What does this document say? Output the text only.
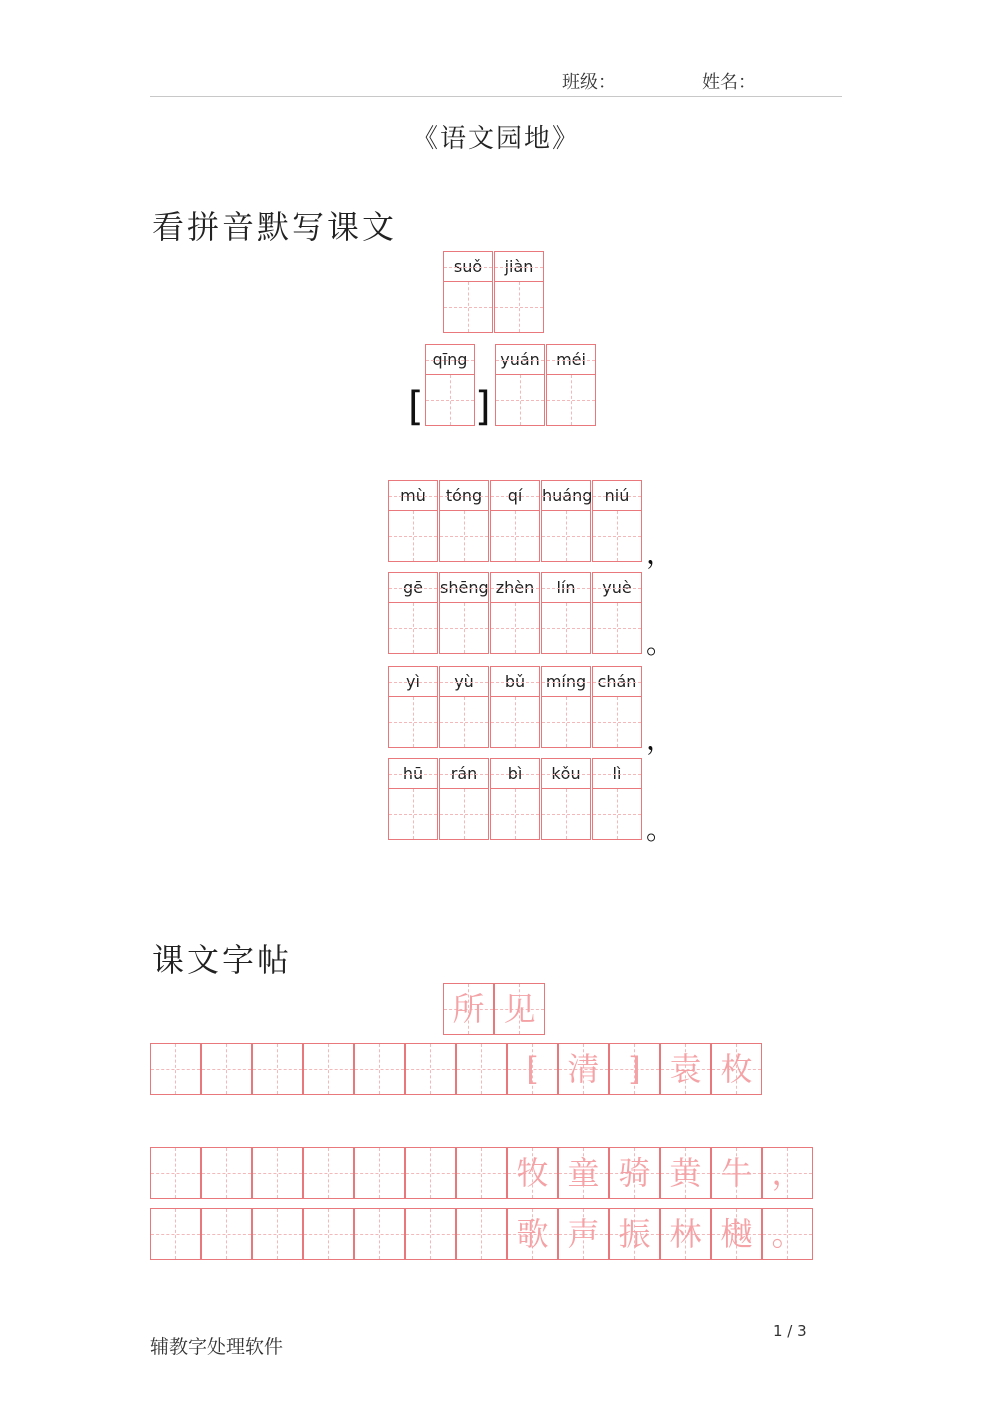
班级：	姓名：
《语文园地》
看拼音默写课文
suǒ	jiàn
[
qīng
]
yuán	méi
mù	tóng	qí	huáng niú
，
gē	shēng zhèn	lín	yuè
。
yì	yù	bǔ	míng chán
，
hū	rán	bì	kǒu	lì
。
课文字帖
所 见
[ 清 ] 袁 枚
牧 童 骑 黄 牛 ，
歌 声 振 林 樾 。
辅教字处理软件
1 / 3
